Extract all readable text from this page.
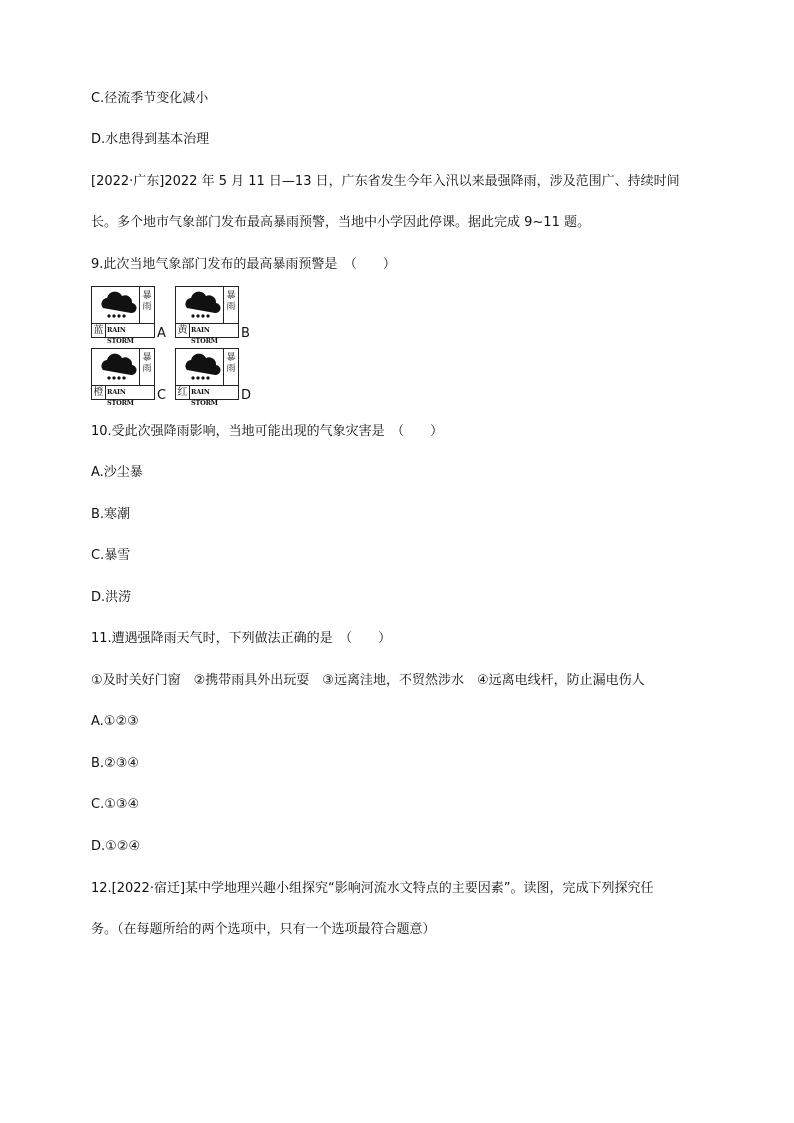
C.径流季节变化减小
D.水患得到基本治理
[2022·广东]2022 年 5 月 11 日—13 日，广东省发生今年入汛以来最强降雨，涉及范围广、持续时间
长。多个地市气象部门发布最高暴雨预警，当地中小学因此停课。据此完成 9~11 题。
9.此次当地气象部门发布的最高暴雨预警是　（　　）
暴
雨
蓝 RAIN STORM	A
暴
雨
黄 RAIN STORM	B
暴
雨
橙 RAIN STORM	C
暴
雨
红 RAIN STORM	D
10.受此次强降雨影响，当地可能出现的气象灾害是　（　　）
A.沙尘暴
B.寒潮
C.暴雪
D.洪涝
11.遭遇强降雨天气时，下列做法正确的是　（　　）
①及时关好门窗　②携带雨具外出玩耍　③远离洼地，不贸然涉水　④远离电线杆，防止漏电伤人
A.①②③
B.②③④
C.①③④
D.①②④
12.[2022·宿迁]某中学地理兴趣小组探究“影响河流水文特点的主要因素”。读图，完成下列探究任
务。（在每题所给的两个选项中，只有一个选项最符合题意）
